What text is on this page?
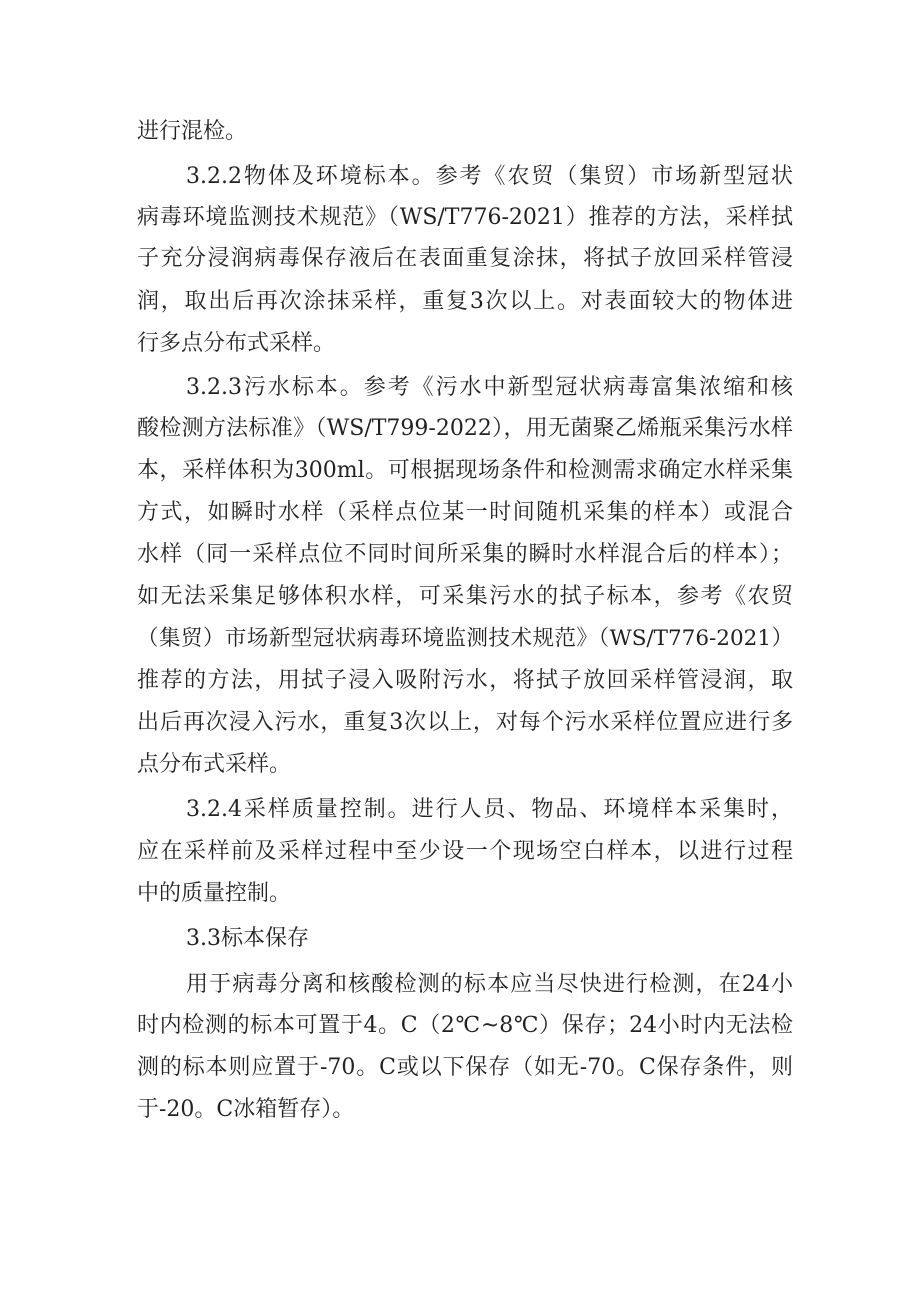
进行混检。
3.2.2物体及环境标本。参考《农贸（集贸）市场新型冠状
病毒环境监测技术规范》（WS/T776-2021）推荐的方法，采样拭
子充分浸润病毒保存液后在表面重复涂抹，将拭子放回采样管浸
润，取出后再次涂抹采样，重复3次以上。对表面较大的物体进
行多点分布式采样。
3.2.3污水标本。参考《污水中新型冠状病毒富集浓缩和核
酸检测方法标准》（WS/T799-2022），用无菌聚乙烯瓶采集污水样
本，采样体积为300ml。可根据现场条件和检测需求确定水样采集
方式，如瞬时水样（采样点位某一时间随机采集的样本）或混合
水样（同一采样点位不同时间所采集的瞬时水样混合后的样本）；
如无法采集足够体积水样，可采集污水的拭子标本，参考《农贸
（集贸）市场新型冠状病毒环境监测技术规范》（WS/T776-2021）
推荐的方法，用拭子浸入吸附污水，将拭子放回采样管浸润，取
出后再次浸入污水，重复3次以上，对每个污水采样位置应进行多
点分布式采样。
3.2.4采样质量控制。进行人员、物品、环境样本采集时，
应在采样前及采样过程中至少设一个现场空白样本，以进行过程
中的质量控制。
3.3标本保存
用于病毒分离和核酸检测的标本应当尽快进行检测，在24小
时内检测的标本可置于4。C（2℃~8℃）保存；24小时内无法检
测的标本则应置于-70。C或以下保存（如无-70。C保存条件，则
于-20。C冰箱暂存）。
